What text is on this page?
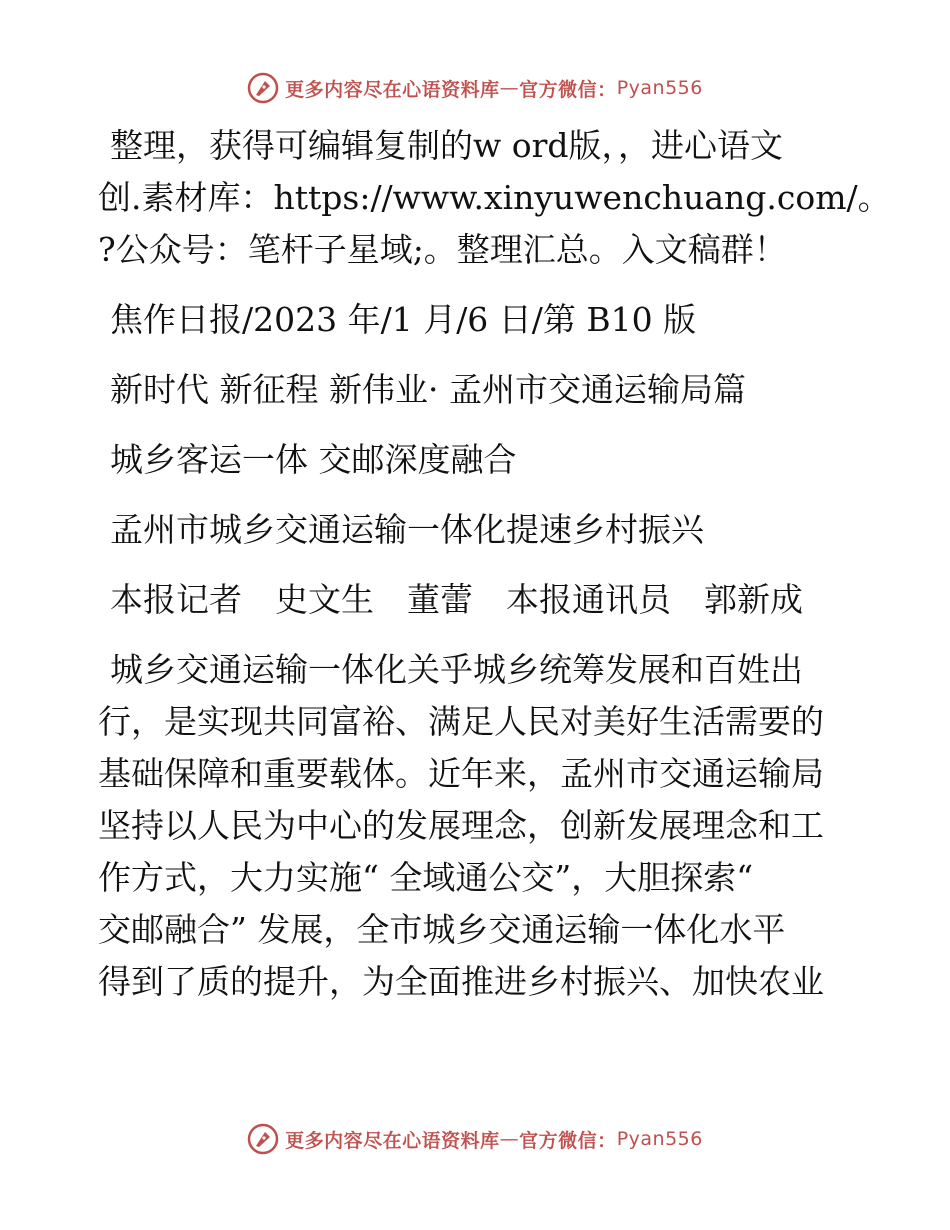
更多内容尽在心语资料库 — 官方微信： Pyan556
整理，获得可编辑复制的w ord版，，进心语文
创.素材库：https://www.xinyuwenchuang.com/。
?公众号：笔杆子星域;。整理汇总。入文稿群！
焦作日报/2023 年/1 月/6 日/第 B10 版
新时代 新征程 新伟业· 孟州市交通运输局篇
城乡客运一体 交邮深度融合
孟州市城乡交通运输一体化提速乡村振兴
本报记者　史文生　董蕾　本报通讯员　郭新成
城乡交通运输一体化关乎城乡统筹发展和百姓出
行，是实现共同富裕、满足人民对美好生活需要的
基础保障和重要载体。近年来，孟州市交通运输局
坚持以人民为中心的发展理念，创新发展理念和工
作方式，大力实施“ 全域通公交”，大胆探索“
交邮融合” 发展，全市城乡交通运输一体化水平
得到了质的提升，为全面推进乡村振兴、加快农业
更多内容尽在心语资料库 — 官方微信： Pyan556
